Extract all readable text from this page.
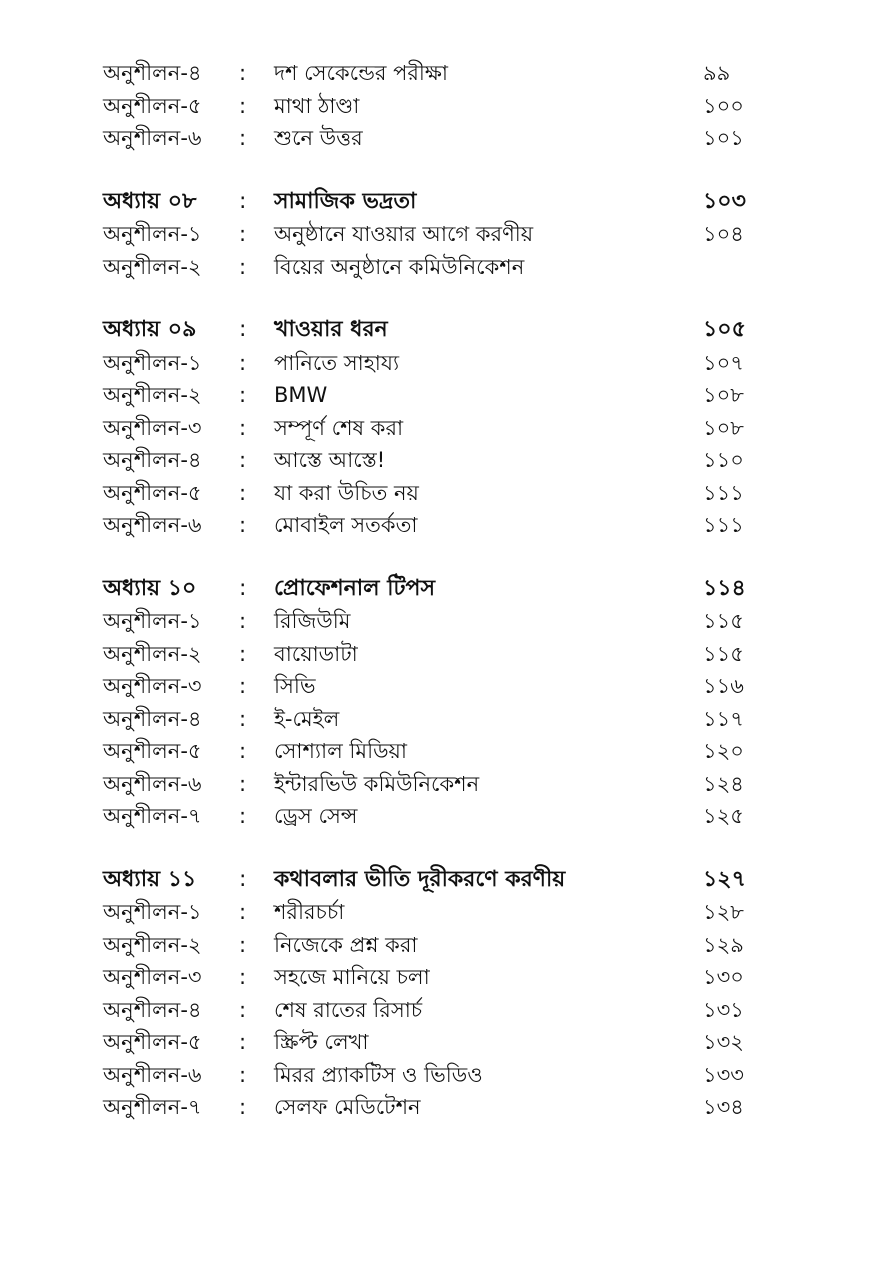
অনুশীলন-৪ : দশ সেকেন্ডের পরীক্ষা	৯৯
অনুশীলন-৫ : মাথা ঠাণ্ডা	১০০
অনুশীলন-৬ : শুনে উত্তর	১০১
অধ্যায় ০৮ : সামাজিক ভদ্রতা	১০৩
অনুশীলন-১ : অনুষ্ঠানে যাওয়ার আগে করণীয়	১০৪
অনুশীলন-২ : বিয়ের অনুষ্ঠানে কমিউনিকেশন
অধ্যায় ০৯ : খাওয়ার ধরন	১০৫
অনুশীলন-১ : পানিতে সাহায্য	১০৭
অনুশীলন-২ : BMW	১০৮
অনুশীলন-৩ : সম্পূর্ণ শেষ করা	১০৮
অনুশীলন-৪ : আস্তে আস্তে!	১১০
অনুশীলন-৫ : যা করা উচিত নয়	১১১
অনুশীলন-৬ : মোবাইল সতর্কতা	১১১
অধ্যায় ১০ : প্রোফেশনাল টিপস	১১৪
অনুশীলন-১ : রিজিউমি	১১৫
অনুশীলন-২ : বায়োডাটা	১১৫
অনুশীলন-৩ : সিভি	১১৬
অনুশীলন-৪ : ই-মেইল	১১৭
অনুশীলন-৫ : সোশ্যাল মিডিয়া	১২০
অনুশীলন-৬ : ইন্টারভিউ কমিউনিকেশন	১২৪
অনুশীলন-৭ : ড্রেস সেন্স	১২৫
অধ্যায় ১১ : কথাবলার ভীতি দূরীকরণে করণীয়	১২৭
অনুশীলন-১ : শরীরচর্চা	১২৮
অনুশীলন-২ : নিজেকে প্রশ্ন করা	১২৯
অনুশীলন-৩ : সহজে মানিয়ে চলা	১৩০
অনুশীলন-৪ : শেষ রাতের রিসার্চ	১৩১
অনুশীলন-৫ : স্ক্রিপ্ট লেখা	১৩২
অনুশীলন-৬ : মিরর প্র্যাকটিস ও ভিডিও	১৩৩
অনুশীলন-৭ : সেলফ মেডিটেশন	১৩৪
